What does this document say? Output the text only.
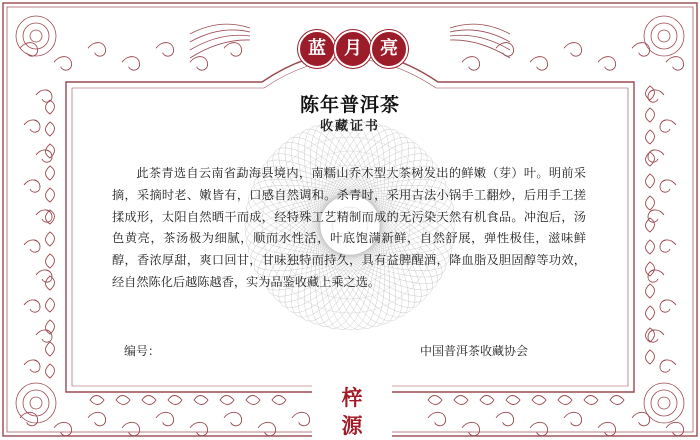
蓝	月	亮
陈年普洱茶
收藏证书

此茶青选自云南省勐海县境内，南糯山乔木型大茶树发出的鲜嫩（芽）叶。明前采摘，采摘时老、嫩皆有，口感自然调和。杀青时，采用古法小锅手工翻炒，后用手工搓揉成形，太阳自然晒干而成，经特殊工艺精制而成的无污染天然有机食品。冲泡后，汤色黄亮，茶汤极为细腻，顺而水性活，叶底饱满新鲜，自然舒展，弹性极佳，滋味鲜醇，香浓厚甜，爽口回甘，甘味独特而持久，具有益脾醒酒，降血脂及胆固醇等功效，经自然陈化后越陈越香，实为品鉴收藏上乘之选。

编号：	中国普洱茶收藏协会
梓
源
